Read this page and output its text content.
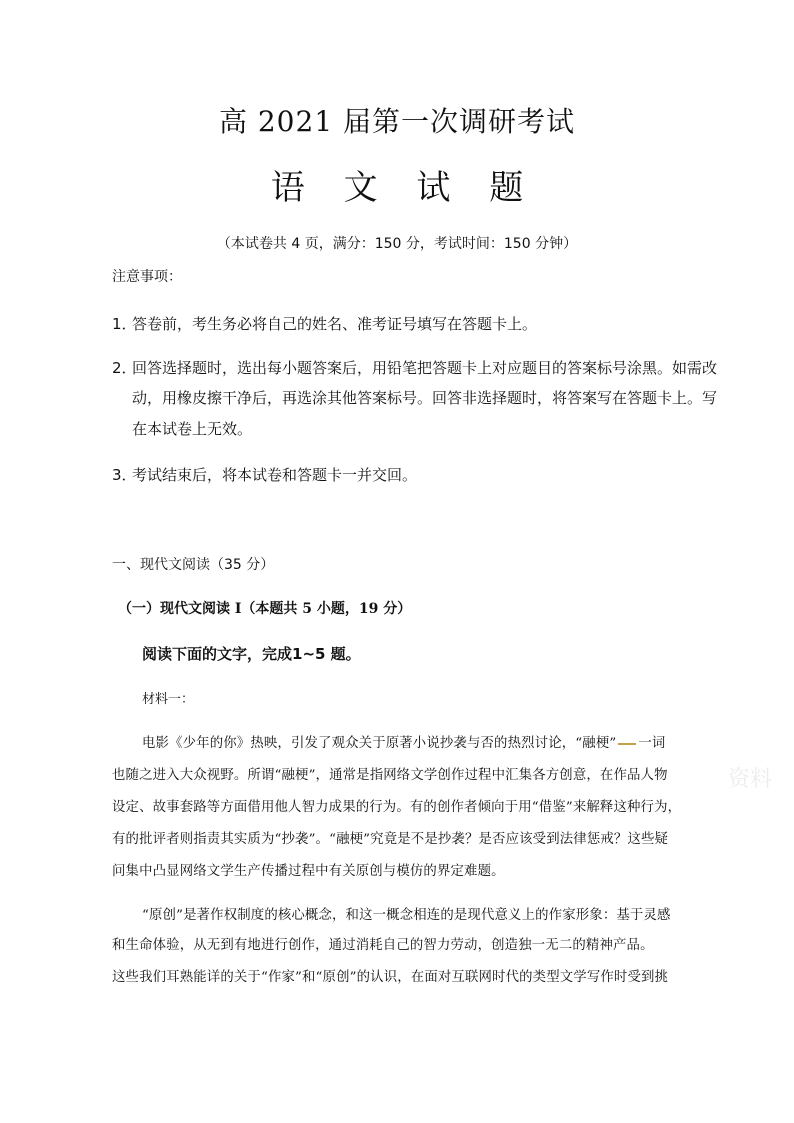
高 2021 届第一次调研考试
语 文 试 题
（本试卷共 4 页，满分：150 分，考试时间：150 分钟）
注意事项：
1．
答卷前，考生务必将自己的姓名、准考证号填写在答题卡上。
2．
回答选择题时，选出每小题答案后，用铅笔把答题卡上对应题目的答案标号涂黑。如需改
动，用橡皮擦干净后，再选涂其他答案标号。回答非选择题时，将答案写在答题卡上。写
在本试卷上无效。
3．
考试结束后，将本试卷和答题卡一并交回。
一、现代文阅读（35 分）
（一）现代文阅读 I（本题共 5 小题，19 分）
阅读下面的文字，完成1~5 题。
材料一：
电影《少年的你》热映，引发了观众关于原著小说抄袭与否的热烈讨论，“融梗” 一词
也随之进入大众视野。所谓“融梗”，通常是指网络文学创作过程中汇集各方创意，在作品人物
设定、故事套路等方面借用他人智力成果的行为。有的创作者倾向于用“借鉴”来解释这种行为，
有的批评者则指责其实质为“抄袭”。“融梗”究竟是不是抄袭？是否应该受到法律惩戒？这些疑
问集中凸显网络文学生产传播过程中有关原创与模仿的界定难题。
“原创”是著作权制度的核心概念，和这一概念相连的是现代意义上的作家形象：基于灵感
和生命体验，从无到有地进行创作，通过消耗自己的智力劳动，创造独一无二的精神产品。
这些我们耳熟能详的关于“作家”和“原创”的认识，在面对互联网时代的类型文学写作时受到挑
资料
